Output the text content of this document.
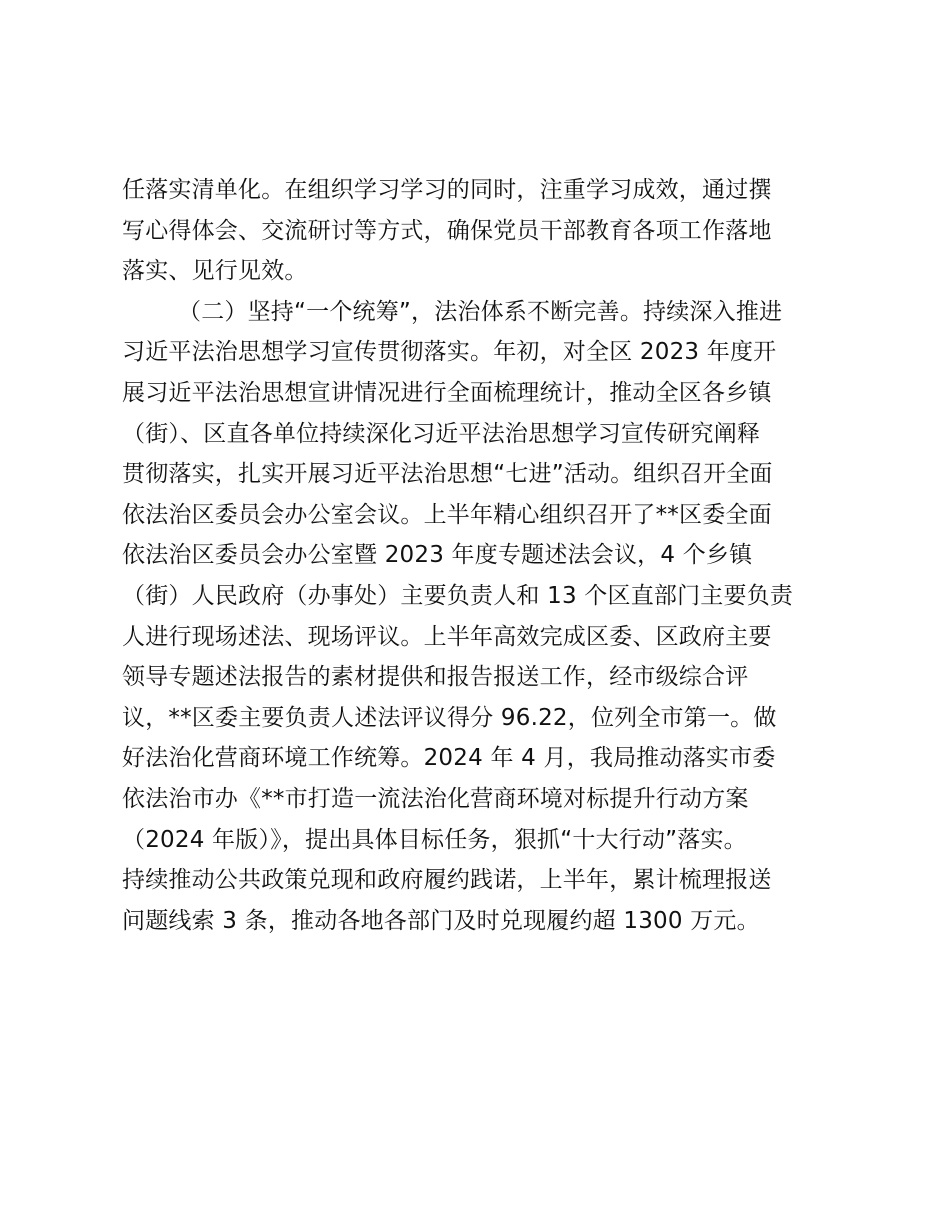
任落实清单化。在组织学习学习的同时，注重学习成效，通过撰
写心得体会、交流研讨等方式，确保党员干部教育各项工作落地
落实、见行见效。
（二）坚持“一个统筹”，法治体系不断完善。持续深入推进
习近平法治思想学习宣传贯彻落实。年初，对全区 2023 年度开
展习近平法治思想宣讲情况进行全面梳理统计，推动全区各乡镇
（街）、区直各单位持续深化习近平法治思想学习宣传研究阐释
贯彻落实，扎实开展习近平法治思想“七进”活动。组织召开全面
依法治区委员会办公室会议。上半年精心组织召开了**区委全面
依法治区委员会办公室暨 2023 年度专题述法会议，4 个乡镇
（街）人民政府（办事处）主要负责人和 13 个区直部门主要负责
人进行现场述法、现场评议。上半年高效完成区委、区政府主要
领导专题述法报告的素材提供和报告报送工作，经市级综合评
议，**区委主要负责人述法评议得分 96.22，位列全市第一。做
好法治化营商环境工作统筹。2024 年 4 月，我局推动落实市委
依法治市办《**市打造一流法治化营商环境对标提升行动方案
（2024 年版）》，提出具体目标任务，狠抓“十大行动”落实。
持续推动公共政策兑现和政府履约践诺，上半年，累计梳理报送
问题线索 3 条，推动各地各部门及时兑现履约超 1300 万元。
